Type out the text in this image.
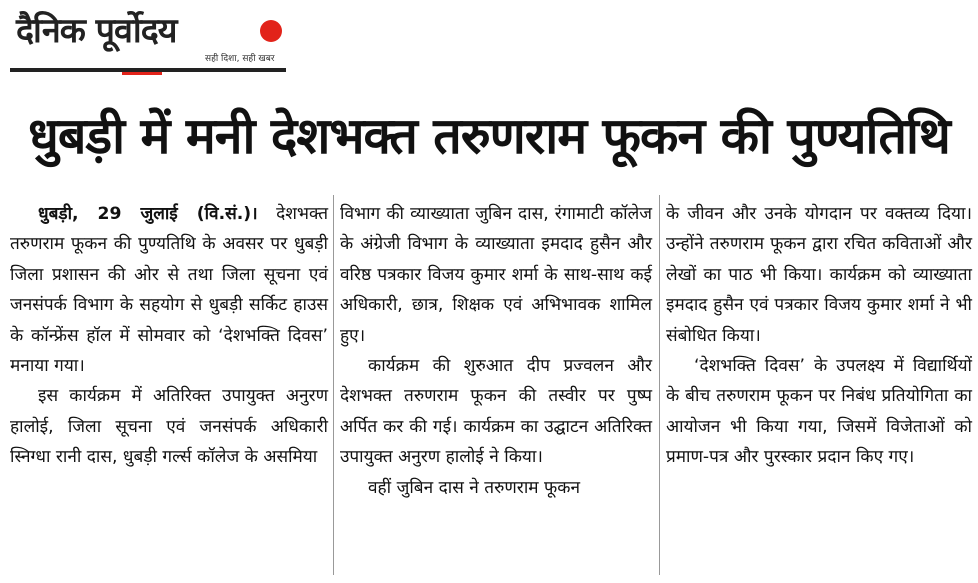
दैनिक पूर्वोदय
सही दिशा, सही खबर
धुबड़ी में मनी देशभक्त तरुणराम फूकन की पुण्यतिथि

धुबड़ी, 29 जुलाई (वि.सं.)। देशभक्त तरुणराम फूकन की पुण्यतिथि के अवसर पर धुबड़ी जिला प्रशासन की ओर से तथा जिला सूचना एवं जनसंपर्क विभाग के सहयोग से धुबड़ी सर्किट हाउस के कॉन्फ्रेंस हॉल में सोमवार को ‘देशभक्ति दिवस’ मनाया गया।

इस कार्यक्रम में अतिरिक्त उपायुक्त अनुरण हालोई, जिला सूचना एवं जनसंपर्क अधिकारी स्निग्धा रानी दास, धुबड़ी गर्ल्स कॉलेज के असमिया

विभाग की व्याख्याता जुबिन दास, रंगामाटी कॉलेज के अंग्रेजी विभाग के व्याख्याता इमदाद हुसैन और वरिष्ठ पत्रकार विजय कुमार शर्मा के साथ-साथ कई अधिकारी, छात्र, शिक्षक एवं अभिभावक शामिल हुए।

कार्यक्रम की शुरुआत दीप प्रज्वलन और देशभक्त तरुणराम फूकन की तस्वीर पर पुष्प अर्पित कर की गई। कार्यक्रम का उद्घाटन अतिरिक्त उपायुक्त अनुरण हालोई ने किया।

वहीं जुबिन दास ने तरुणराम फूकन

के जीवन और उनके योगदान पर वक्तव्य दिया। उन्होंने तरुणराम फूकन द्वारा रचित कविताओं और लेखों का पाठ भी किया। कार्यक्रम को व्याख्याता इमदाद हुसैन एवं पत्रकार विजय कुमार शर्मा ने भी संबोधित किया।

‘देशभक्ति दिवस’ के उपलक्ष्य में विद्यार्थियों के बीच तरुणराम फूकन पर निबंध प्रतियोगिता का आयोजन भी किया गया, जिसमें विजेताओं को प्रमाण-पत्र और पुरस्कार प्रदान किए गए।
